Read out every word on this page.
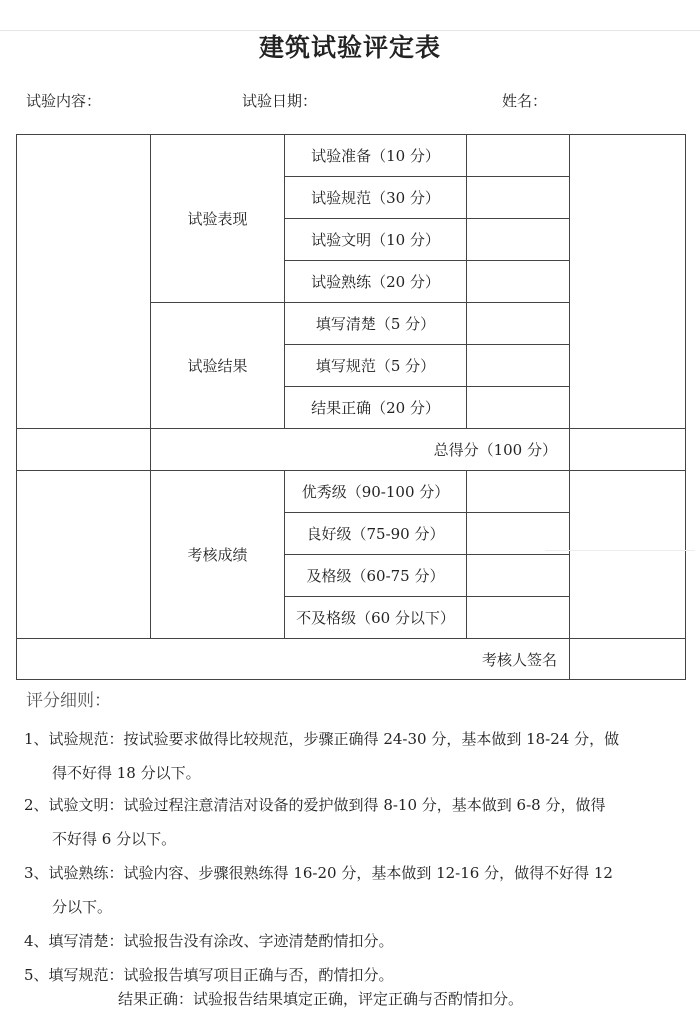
建筑试验评定表
试验内容：	试验日期：	姓名：
	试验表现	试验准备（10 分）		
		试验规范（30 分）		
		试验文明（10 分）		
		试验熟练（20 分）		
	试验结果	填写清楚（5 分）		
		填写规范（5 分）		
		结果正确（20 分）		
	总得分（100 分）			
	考核成绩	优秀级（90-100 分）		
		良好级（75-90 分）		
		及格级（60-75 分）		
		不及格级（60 分以下）		
考核人签名				
评分细则：
1、试验规范：按试验要求做得比较规范，步骤正确得 24-30 分，基本做到 18-24 分，做
得不好得 18 分以下。
2、试验文明：试验过程注意清洁对设备的爱护做到得 8-10 分，基本做到 6-8 分，做得
不好得 6 分以下。
3、试验熟练：试验内容、步骤很熟练得 16-20 分，基本做到 12-16 分，做得不好得 12
分以下。
4、填写清楚：试验报告没有涂改、字迹清楚酌情扣分。
5、填写规范：试验报告填写项目正确与否，酌情扣分。
结果正确：试验报告结果填定正确，评定正确与否酌情扣分。
